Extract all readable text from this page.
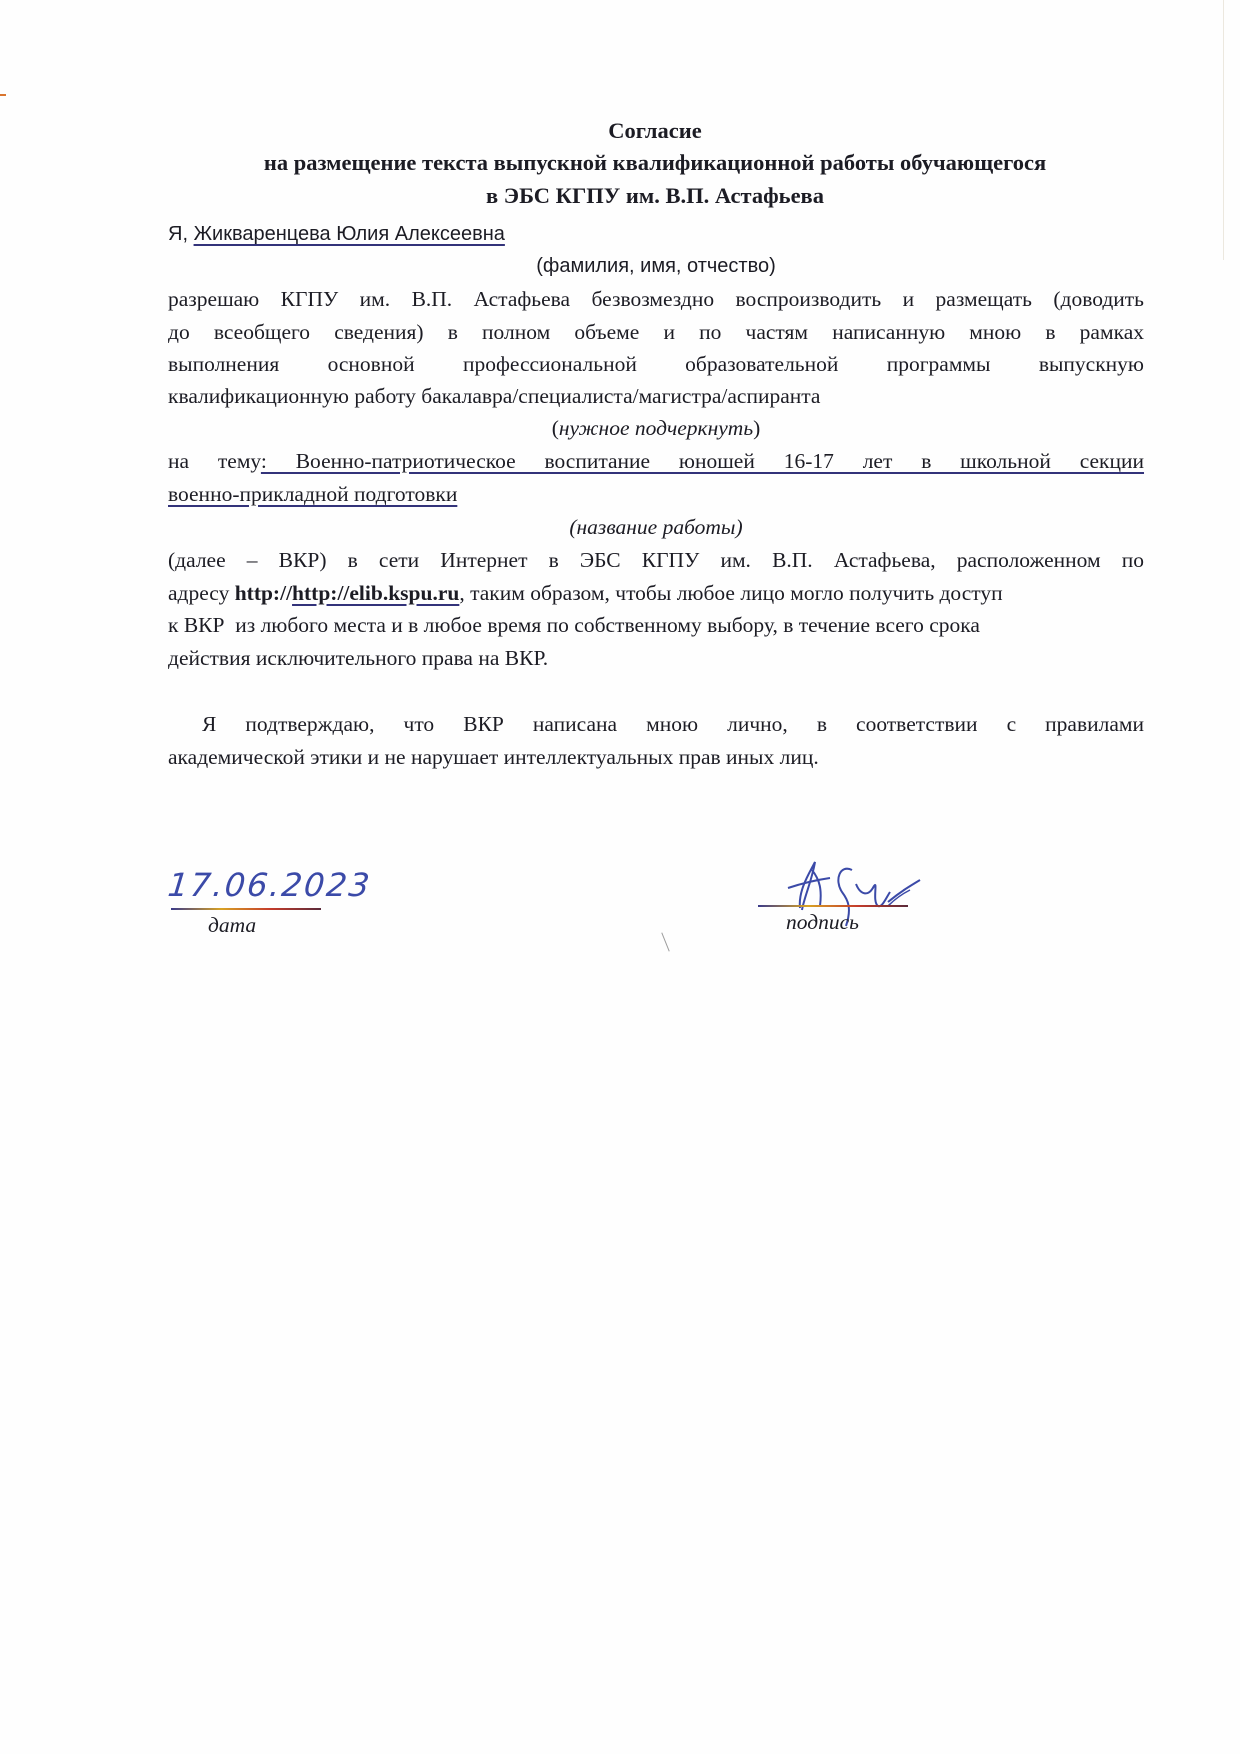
Согласие
на размещение текста выпускной квалификационной работы обучающегося
в ЭБС КГПУ им. В.П. Астафьева
Я, Жикваренцева Юлия Алексеевна
(фамилия, имя, отчество)
разрешаю КГПУ им. В.П. Астафьева безвозмездно воспроизводить и размещать (доводить
до всеобщего сведения) в полном объеме и по частям написанную мною в рамках
выполнения основной профессиональной образовательной программы выпускную
квалификационную работу бакалавра/специалиста/магистра/аспиранта
(нужное подчеркнуть)
на тему: Военно-патриотическое воспитание юношей 16-17 лет в школьной секции
военно-прикладной подготовки
(название работы)
(далее – ВКР) в сети Интернет в ЭБС КГПУ им. В.П. Астафьева, расположенном по
адресу http://http://elib.kspu.ru, таким образом, чтобы любое лицо могло получить доступ
к ВКР  из любого места и в любое время по собственному выбору, в течение всего срока
действия исключительного права на ВКР.
Я подтверждаю, что ВКР написана мною лично, в соответствии с правилами
академической этики и не нарушает интеллектуальных прав иных лиц.
17.06.2023
дата	подпись
